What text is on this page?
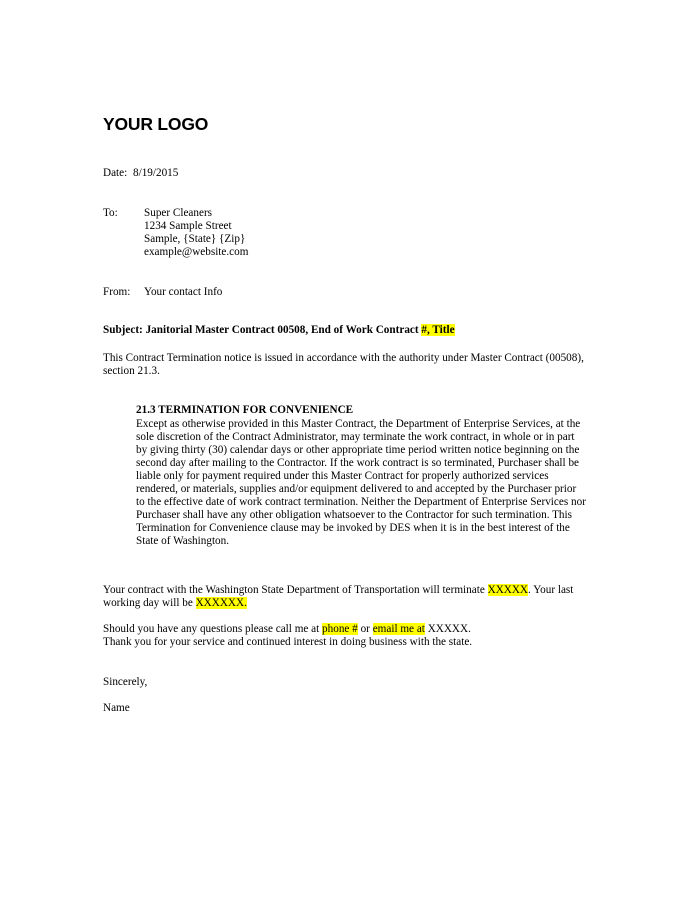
YOUR LOGO
Date: 8/19/2015
To: Super Cleaners
1234 Sample Street
Sample, {State} {Zip}
example@website.com
From: Your contact Info
Subject: Janitorial Master Contract 00508, End of Work Contract #, Title
This Contract Termination notice is issued in accordance with the authority under Master Contract (00508),
section 21.3.
21.3 TERMINATION FOR CONVENIENCE
Except as otherwise provided in this Master Contract, the Department of Enterprise Services, at the
sole discretion of the Contract Administrator, may terminate the work contract, in whole or in part
by giving thirty (30) calendar days or other appropriate time period written notice beginning on the
second day after mailing to the Contractor. If the work contract is so terminated, Purchaser shall be
liable only for payment required under this Master Contract for properly authorized services
rendered, or materials, supplies and/or equipment delivered to and accepted by the Purchaser prior
to the effective date of work contract termination. Neither the Department of Enterprise Services nor
Purchaser shall have any other obligation whatsoever to the Contractor for such termination. This
Termination for Convenience clause may be invoked by DES when it is in the best interest of the
State of Washington.
Your contract with the Washington State Department of Transportation will terminate XXXXX. Your last
working day will be XXXXXX.
Should you have any questions please call me at phone # or email me at XXXXX.
Thank you for your service and continued interest in doing business with the state.
Sincerely,
Name
